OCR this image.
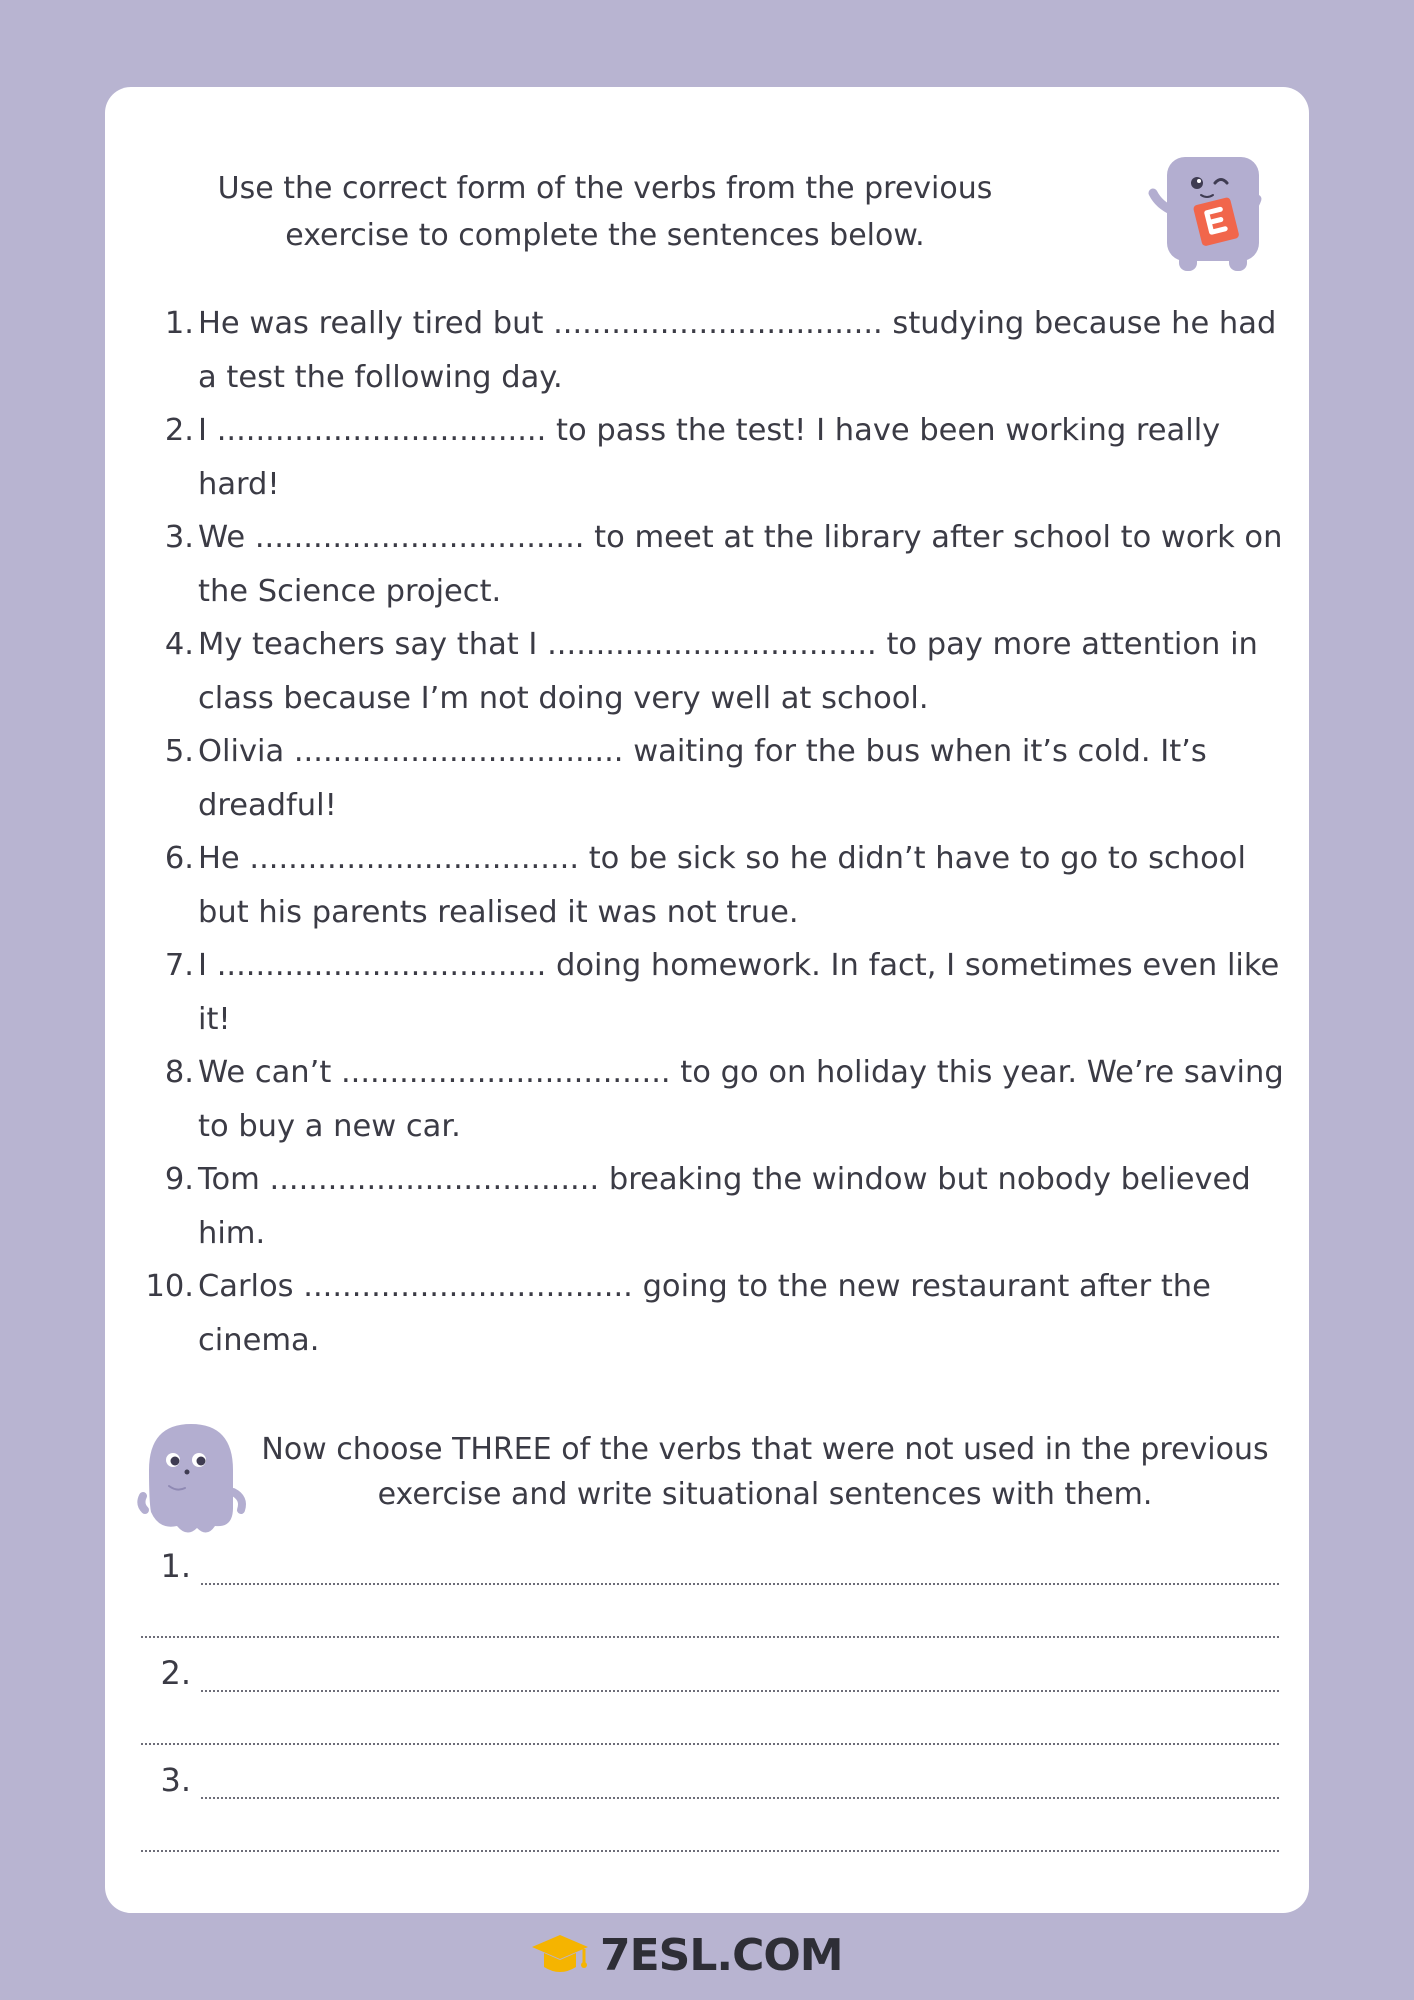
Use the correct form of the verbs from the previous exercise to complete the sentences below.
1. He was really tired but .................................. studying because he had a test the following day.
2. I .................................. to pass the test! I have been working really hard!
3. We .................................. to meet at the library after school to work on the Science project.
4. My teachers say that I .................................. to pay more attention in class because I’m not doing very well at school.
5. Olivia .................................. waiting for the bus when it’s cold. It’s dreadful!
6. He .................................. to be sick so he didn’t have to go to school but his parents realised it was not true.
7. I .................................. doing homework. In fact, I sometimes even like it!
8. We can’t .................................. to go on holiday this year. We’re saving to buy a new car.
9. Tom .................................. breaking the window but nobody believed him.
10. Carlos .................................. going to the new restaurant after the cinema.
Now choose THREE of the verbs that were not used in the previous exercise and write situational sentences with them.
1.
2.
3.
7ESL.COM
